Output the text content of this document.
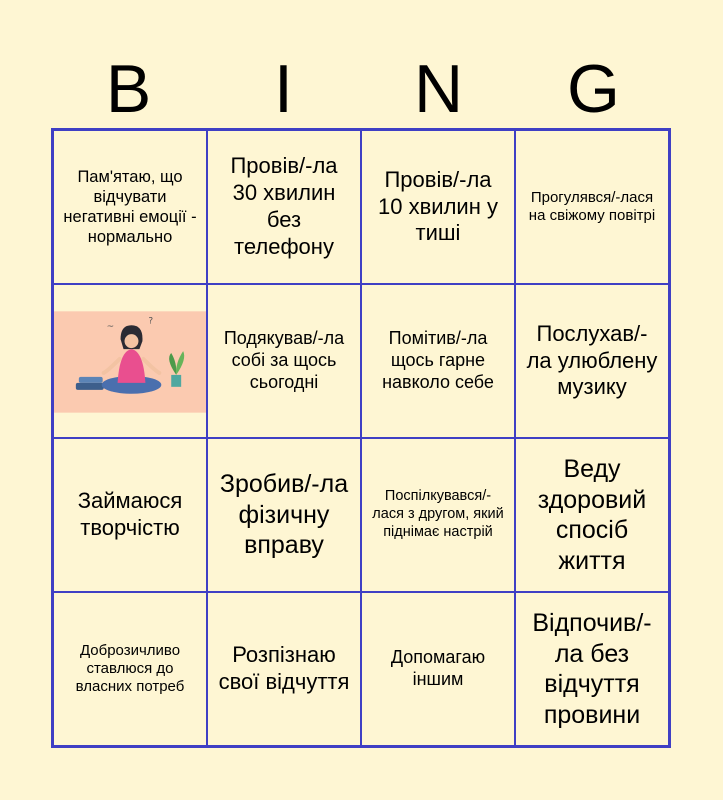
B	I	N	G
Пам'ятаю, що відчувати негативні емоції - нормально
Провів/-ла 30 хвилин без телефону
Провів/-ла 10 хвилин у тиші
Прогулявся/-лася на свіжому повітрі
~
?
Подякував/-ла собі за щось сьогодні
Помітив/-ла щось гарне навколо себе
Послухав/-ла улюблену музику
Займаюся творчістю
Зробив/-ла фізичну вправу
Поспілкувався/-лася з другом, який піднімає настрій
Веду здоровий спосіб життя
Доброзичливо ставлюся до власних потреб
Розпізнаю свої відчуття
Допомагаю іншим
Відпочив/-ла без відчуття провини
